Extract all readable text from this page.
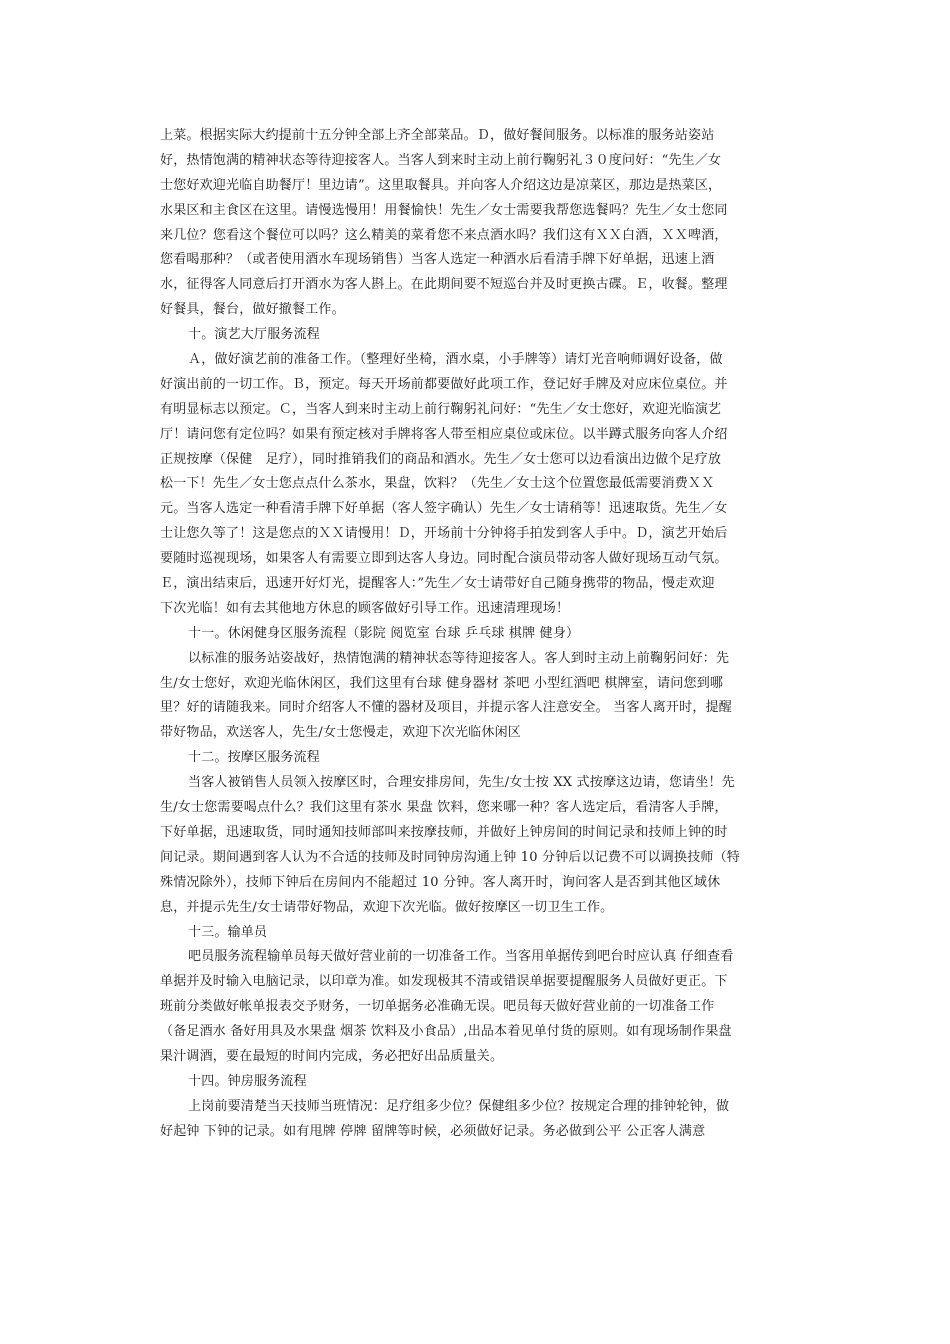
上菜。根据实际大约提前十五分钟全部上齐全部菜品。Ｄ，做好餐间服务。以标准的服务站姿站
好，热情饱满的精神状态等待迎接客人。当客人到来时主动上前行鞠躬礼３０度问好：“先生／女
士您好欢迎光临自助餐厅！里边请”。这里取餐具。并向客人介绍这边是凉菜区，那边是热菜区，
水果区和主食区在这里。请慢选慢用！用餐愉快！先生／女士需要我帮您选餐吗？先生／女士您同
来几位？您看这个餐位可以吗？这么精美的菜肴您不来点酒水吗？我们这有ＸＸ白酒，ＸＸ啤酒，
您看喝那种？（或者使用酒水车现场销售）当客人选定一种酒水后看清手牌下好单据，迅速上酒
水，征得客人同意后打开酒水为客人斟上。在此期间要不短巡台并及时更换古碟。Ｅ，收餐。整理
好餐具，餐台，做好撤餐工作。
十。演艺大厅服务流程
Ａ，做好演艺前的准备工作。（整理好坐椅，酒水桌，小手牌等）请灯光音响师调好设备，做
好演出前的一切工作。Ｂ，预定。每天开场前都要做好此项工作，登记好手牌及对应床位桌位。并
有明显标志以预定。Ｃ，当客人到来时主动上前行鞠躬礼问好：“先生／女士您好，欢迎光临演艺
厅！请问您有定位吗？如果有预定核对手牌将客人带至相应桌位或床位。以半蹲式服务向客人介绍
正规按摩（保健　足疗），同时推销我们的商品和酒水。先生／女士您可以边看演出边做个足疗放
松一下！先生／女士您点点什么茶水，果盘，饮料？（先生／女士这个位置您最低需要消费ＸＸ
元。当客人选定一种看清手牌下好单据（客人签字确认）先生／女士请稍等！迅速取货。先生／女
士让您久等了！这是您点的ＸＸ请慢用！Ｄ，开场前十分钟将手拍发到客人手中。Ｄ，演艺开始后
要随时巡视现场，如果客人有需要立即到达客人身边。同时配合演员带动客人做好现场互动气氛。
Ｅ，演出结束后，迅速开好灯光，提醒客人：”先生／女士请带好自己随身携带的物品，慢走欢迎
下次光临！如有去其他地方休息的顾客做好引导工作。迅速清理现场！
十一。休闲健身区服务流程（影院 阅览室 台球 乒乓球 棋牌 健身）
以标准的服务站姿战好，热情饱满的精神状态等待迎接客人。客人到时主动上前鞠躬问好：先
生/女士您好，欢迎光临休闲区，我们这里有台球 健身器材 茶吧 小型红酒吧 棋牌室，请问您到哪
里？好的请随我来。同时介绍客人不懂的器材及项目，并提示客人注意安全。 当客人离开时，提醒
带好物品，欢送客人，先生/女士您慢走，欢迎下次光临休闲区
十二。按摩区服务流程
当客人被销售人员领入按摩区时，合理安排房间，先生/女士按 XX 式按摩这边请，您请坐！先
生/女士您需要喝点什么？我们这里有茶水 果盘 饮料，您来哪一种？客人选定后，看清客人手牌，
下好单据，迅速取货，同时通知技师部叫来按摩技师，并做好上钟房间的时间记录和技师上钟的时
间记录。期间遇到客人认为不合适的技师及时同钟房沟通上钟 10 分钟后以记费不可以调换技师（特
殊情况除外），技师下钟后在房间内不能超过 10 分钟。客人离开时，询问客人是否到其他区域休
息，并提示先生/女士请带好物品，欢迎下次光临。做好按摩区一切卫生工作。
十三。输单员
吧员服务流程输单员每天做好营业前的一切准备工作。当客用单据传到吧台时应认真 仔细查看
单据并及时输入电脑记录，以印章为准。如发现极其不清或错误单据要提醒服务人员做好更正。下
班前分类做好帐单报表交予财务，一切单据务必准确无误。吧员每天做好营业前的一切准备工作
（备足酒水 备好用具及水果盘 烟茶 饮料及小食品）,出品本着见单付货的原则。如有现场制作果盘
果汁调酒，要在最短的时间内完成，务必把好出品质量关。
十四。钟房服务流程
上岗前要清楚当天技师当班情况：足疗组多少位？保健组多少位？按规定合理的排钟轮钟，做
好起钟 下钟的记录。如有甩牌 停牌 留牌等时候，必须做好记录。务必做到公平 公正客人满意
